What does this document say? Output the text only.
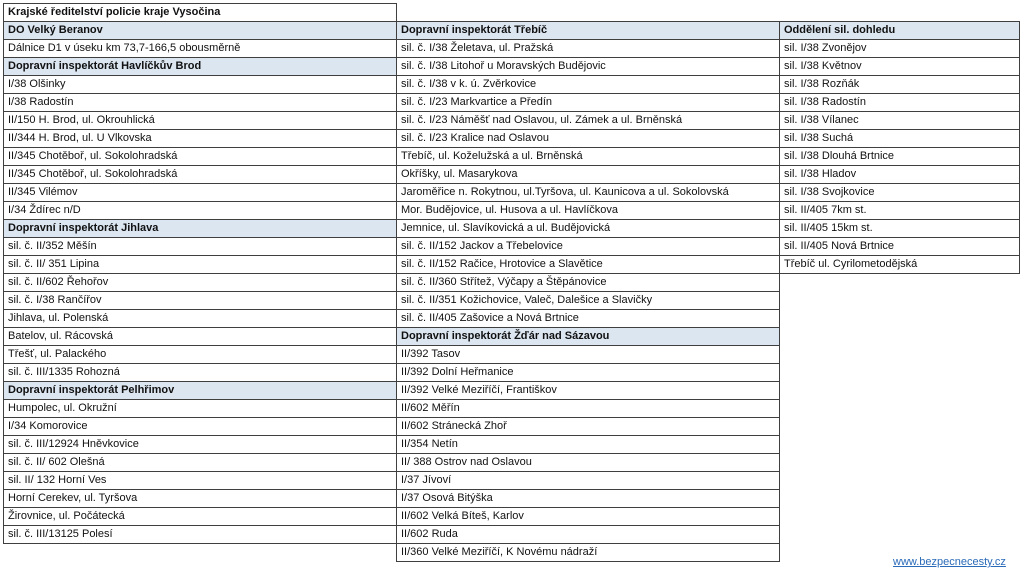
Krajské ředitelství policie kraje Vysočina
DO Velký Beranov
Dálnice D1 v úseku km 73,7-166,5 obousměrně
Dopravní inspektorát Havlíčkův Brod
I/38 Olšinky
I/38 Radostín
II/150 H. Brod, ul. Okrouhlická
II/344 H. Brod, ul. U Vlkovska
II/345 Chotěboř, ul. Sokolohradská
II/345 Chotěboř, ul. Sokolohradská
II/345 Vilémov
I/34 Ždírec n/D
Dopravní inspektorát Jihlava
sil. č. II/352 Měšín
sil. č. II/ 351 Lipina
sil. č. II/602 Řehořov
sil. č. I/38 Rančířov
Jihlava, ul. Polenská
Batelov, ul. Rácovská
Třešť, ul. Palackého
sil. č. III/1335 Rohozná
Dopravní inspektorát Pelhřimov
Humpolec, ul. Okružní
I/34 Komorovice
sil. č. III/12924 Hněvkovice
sil. č. II/ 602 Olešná
sil. II/ 132 Horní Ves
Horní Cerekev, ul. Tyršova
Žirovnice, ul. Počátecká
sil. č. III/13125 Polesí
Dopravní inspektorát Třebíč
sil. č. I/38 Želetava, ul. Pražská
sil. č. I/38 Litohoř u Moravských Budějovic
sil. č. I/38 v k. ú. Zvěrkovice
sil. č. I/23 Markvartice a Předín
sil. č. I/23 Náměšť nad Oslavou, ul. Zámek a ul. Brněnská
sil. č. I/23 Kralice nad Oslavou
Třebíč, ul. Koželužská a ul. Brněnská
Okříšky, ul. Masarykova
Jaroměřice n. Rokytnou, ul.Tyršova, ul. Kaunicova a ul. Sokolovská
Mor. Budějovice, ul. Husova a ul. Havlíčkova
Jemnice, ul. Slavíkovická a ul. Budějovická
sil. č. II/152 Jackov a Třebelovice
sil. č. II/152 Račice, Hrotovice a Slavětice
sil. č. II/360 Střítež, Výčapy a Štěpánovice
sil. č. II/351 Kožichovice, Valeč, Dalešice a Slavičky
sil. č. II/405 Zašovice a Nová Brtnice
Dopravní inspektorát Žďár nad Sázavou
II/392 Tasov
II/392 Dolní Heřmanice
II/392 Velké Meziříčí, Františkov
II/602 Měřín
II/602 Stránecká Zhoř
II/354 Netín
II/ 388 Ostrov nad Oslavou
I/37 Jívoví
I/37 Osová Bitýška
II/602 Velká Bíteš, Karlov
II/602 Ruda
II/360 Velké Meziříčí, K Novému nádraží
Oddělení sil. dohledu
sil. I/38 Zvonějov
sil. I/38 Květnov
sil. I/38 Rozňák
sil. I/38 Radostín
sil. I/38 Vílanec
sil. I/38 Suchá
sil. I/38 Dlouhá Brtnice
sil. I/38 Hladov
sil. I/38 Svojkovice
sil. II/405 7km st.
sil. II/405 15km st.
sil. II/405 Nová Brtnice
Třebíč ul. Cyrilometodějská
www.bezpecnecesty.cz
